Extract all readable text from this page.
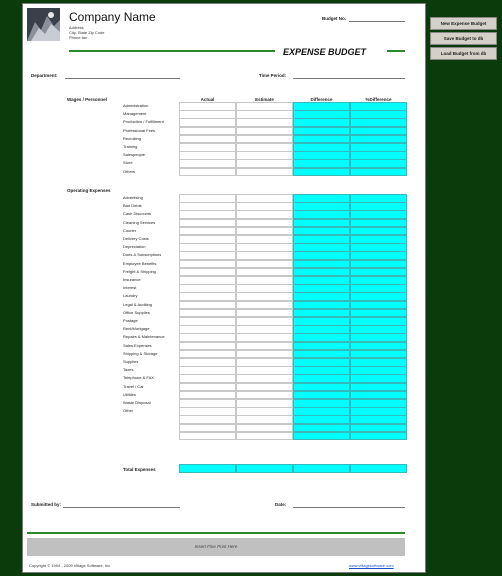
Company Name
Address
City, State Zip Code
Phone fax
Budget No.
EXPENSE BUDGET
Department:	Time Period:
Actual	Estimate	Difference	%Difference
Wages / Personnel
Administration
Management
Production / Fulfillment
Professional Fees
Recruiting
Training
Salespeople
Store
Others
Operating Expenses
Advertising
Bad Debts
Cash Discounts
Cleaning Services
Courier
Delivery Costs
Depreciation
Dues & Subscriptions
Employee Benefits
Freight & Shipping
Insurance
Interest
Laundry
Legal & Auditing
Office Supplies
Postage
Rent/Mortgage
Repairs & Maintenance
Sales Expenses
Shipping & Storage
Supplies
Taxes
Telephone & FAX
Travel / Car
Utilities
Waste Disposal
Other
Total Expenses
Submitted by:	Date:
Insert Fine Print Here
Copyright © 1994 - 2009 Village Software, Inc.	www.villagesoftware.com
New Expense Budget
Save Budget to db
Load Budget from db
